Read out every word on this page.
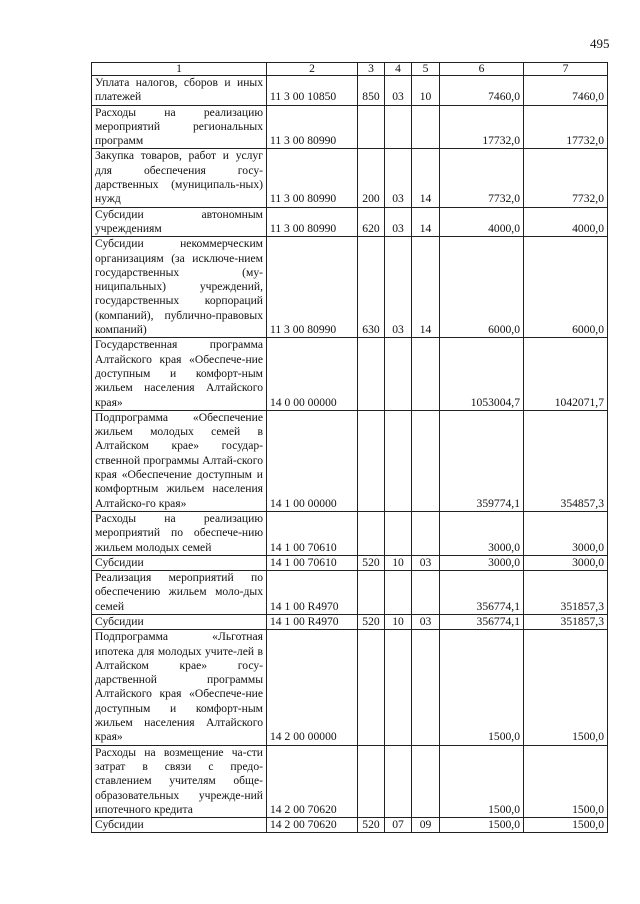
495
1	2	3	4	5	6	7
Уплата налогов, сборов и иных платежей	11 3 00 10850	850	03	10	7460,0	7460,0
Расходы на реализацию мероприятий региональных программ	11 3 00 80990				17732,0	17732,0
Закупка товаров, работ и услуг для обеспечения госу-дарственных (муниципаль-ных) нужд	11 3 00 80990	200	03	14	7732,0	7732,0
Субсидии автономным учреждениям	11 3 00 80990	620	03	14	4000,0	4000,0
Субсидии некоммерческим организациям (за исключе-нием государственных (му-ниципальных) учреждений, государственных корпораций (компаний), публично-правовых компаний)	11 3 00 80990	630	03	14	6000,0	6000,0
Государственная программа Алтайского края «Обеспече-ние доступным и комфорт-ным жильем населения Алтайского края»	14 0 00 00000				1053004,7	1042071,7
Подпрограмма «Обеспечение жильем молодых семей в Алтайском крае» государ-ственной программы Алтай-ского края «Обеспечение доступным и комфортным жильем населения Алтайско-го края»	14 1 00 00000				359774,1	354857,3
Расходы на реализацию мероприятий по обеспече-нию жильем молодых семей	14 1 00 70610				3000,0	3000,0
Субсидии	14 1 00 70610	520	10	03	3000,0	3000,0
Реализация мероприятий по обеспечению жильем моло-дых семей	14 1 00 R4970				356774,1	351857,3
Субсидии	14 1 00 R4970	520	10	03	356774,1	351857,3
Подпрограмма «Льготная ипотека для молодых учите-лей в Алтайском крае» госу-дарственной программы Алтайского края «Обеспече-ние доступным и комфорт-ным жильем населения Алтайского края»	14 2 00 00000				1500,0	1500,0
Расходы на возмещение ча-сти затрат в связи с предо-ставлением учителям обще-образовательных учрежде-ний ипотечного кредита	14 2 00 70620				1500,0	1500,0
Субсидии	14 2 00 70620	520	07	09	1500,0	1500,0
